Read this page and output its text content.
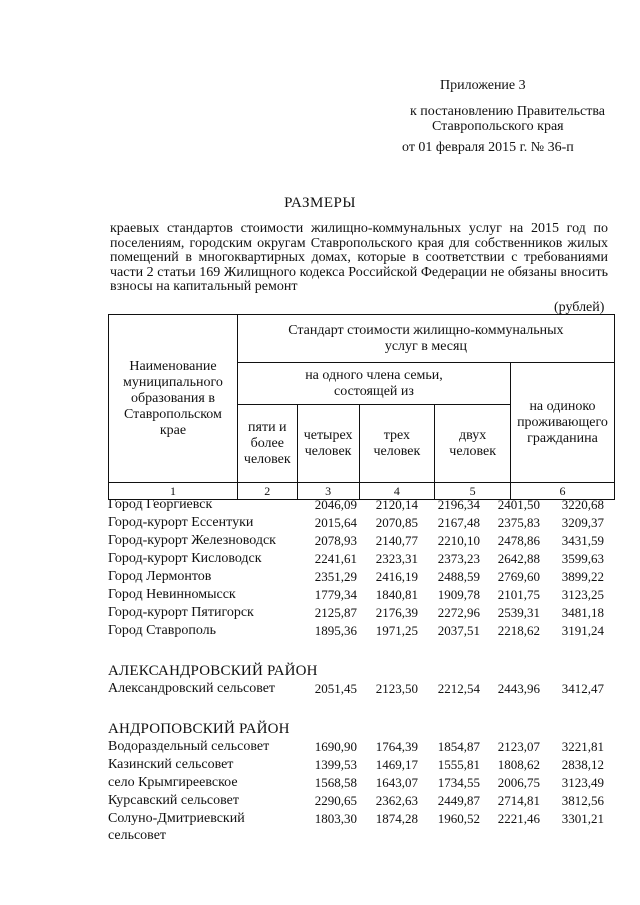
Приложение 3
к постановлению Правительства
Ставропольского края
от 01 февраля 2015 г. № 36-п
РАЗМЕРЫ
краевых стандартов стоимости жилищно-коммунальных услуг на 2015 год по поселениям, городским округам Ставропольского края для собственников жилых помещений в многоквартирных домах, которые в соответствии с требованиями части 2 статьи 169 Жилищного кодекса Российской Федерации не обязаны вносить взносы на капитальный ремонт
(рублей)
Наименование муниципального образования в Ставропольском крае	Стандарт стоимости жилищно-коммунальных услуг в месяц				
	на одного члена семьи, состоящей из				на одиноко проживающего гражданина
	пяти и более человек	четырех человек	трех человек	двух человек	
1	2	3	4	5	6
Город Георгиевск	2046,09	2120,14	2196,34	2401,50	3220,68
Город-курорт Ессентуки	2015,64	2070,85	2167,48	2375,83	3209,37
Город-курорт Железноводск	2078,93	2140,77	2210,10	2478,86	3431,59
Город-курорт Кисловодск	2241,61	2323,31	2373,23	2642,88	3599,63
Город Лермонтов	2351,29	2416,19	2488,59	2769,60	3899,22
Город Невинномысск	1779,34	1840,81	1909,78	2101,75	3123,25
Город-курорт Пятигорск	2125,87	2176,39	2272,96	2539,31	3481,18
Город Ставрополь	1895,36	1971,25	2037,51	2218,62	3191,24

АЛЕКСАНДРОВСКИЙ РАЙОН					
Александровский сельсовет	2051,45	2123,50	2212,54	2443,96	3412,47

АНДРОПОВСКИЙ РАЙОН					
Водораздельный сельсовет	1690,90	1764,39	1854,87	2123,07	3221,81
Казинский сельсовет	1399,53	1469,17	1555,81	1808,62	2838,12
село Крымгиреевское	1568,58	1643,07	1734,55	2006,75	3123,49
Курсавский сельсовет	2290,65	2362,63	2449,87	2714,81	3812,56
Солуно-Дмитриевский сельсовет	1803,30	1874,28	1960,52	2221,46	3301,21
